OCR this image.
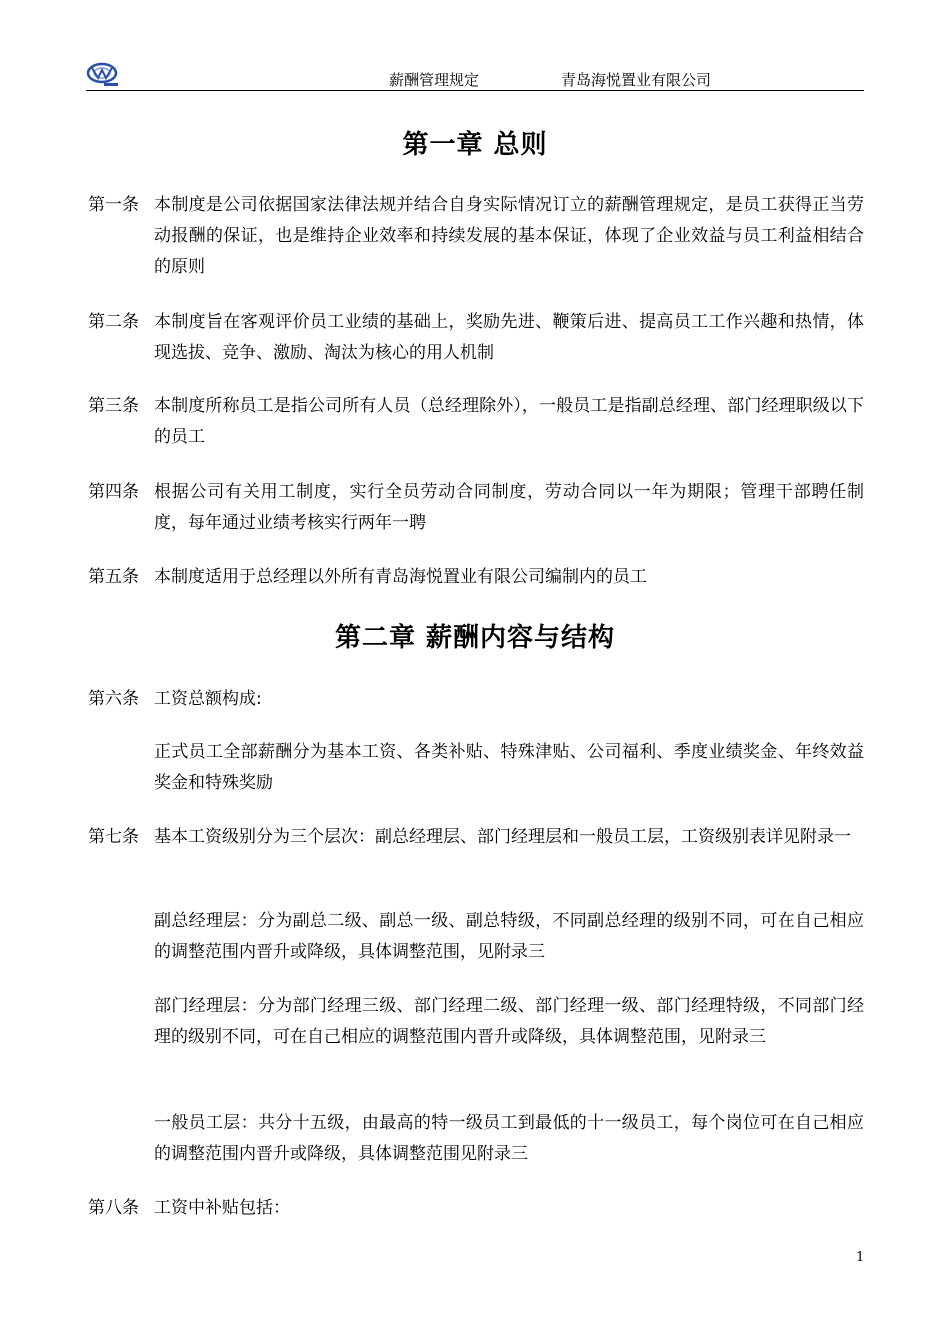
薪酬管理规定	青岛海悦置业有限公司
第一章 总则
第一条 本制度是公司依据国家法律法规并结合自身实际情况订立的薪酬管理规定，是员工获得正当劳动报酬的保证，也是维持企业效率和持续发展的基本保证，体现了企业效益与员工利益相结合的原则
第二条 本制度旨在客观评价员工业绩的基础上，奖励先进、鞭策后进、提高员工工作兴趣和热情，体现选拔、竞争、激励、淘汰为核心的用人机制
第三条 本制度所称员工是指公司所有人员（总经理除外），一般员工是指副总经理、部门经理职级以下的员工
第四条 根据公司有关用工制度，实行全员劳动合同制度，劳动合同以一年为期限；管理干部聘任制度，每年通过业绩考核实行两年一聘
第五条 本制度适用于总经理以外所有青岛海悦置业有限公司编制内的员工
第二章 薪酬内容与结构
第六条 工资总额构成:
正式员工全部薪酬分为基本工资、各类补贴、特殊津贴、公司福利、季度业绩奖金、年终效益奖金和特殊奖励
第七条 基本工资级别分为三个层次：副总经理层、部门经理层和一般员工层，工资级别表详见附录一
副总经理层：分为副总二级、副总一级、副总特级，不同副总经理的级别不同，可在自己相应的调整范围内晋升或降级，具体调整范围，见附录三
部门经理层：分为部门经理三级、部门经理二级、部门经理一级、部门经理特级，不同部门经理的级别不同，可在自己相应的调整范围内晋升或降级，具体调整范围，见附录三
一般员工层：共分十五级，由最高的特一级员工到最低的十一级员工，每个岗位可在自己相应的调整范围内晋升或降级，具体调整范围见附录三
第八条 工资中补贴包括：
1
